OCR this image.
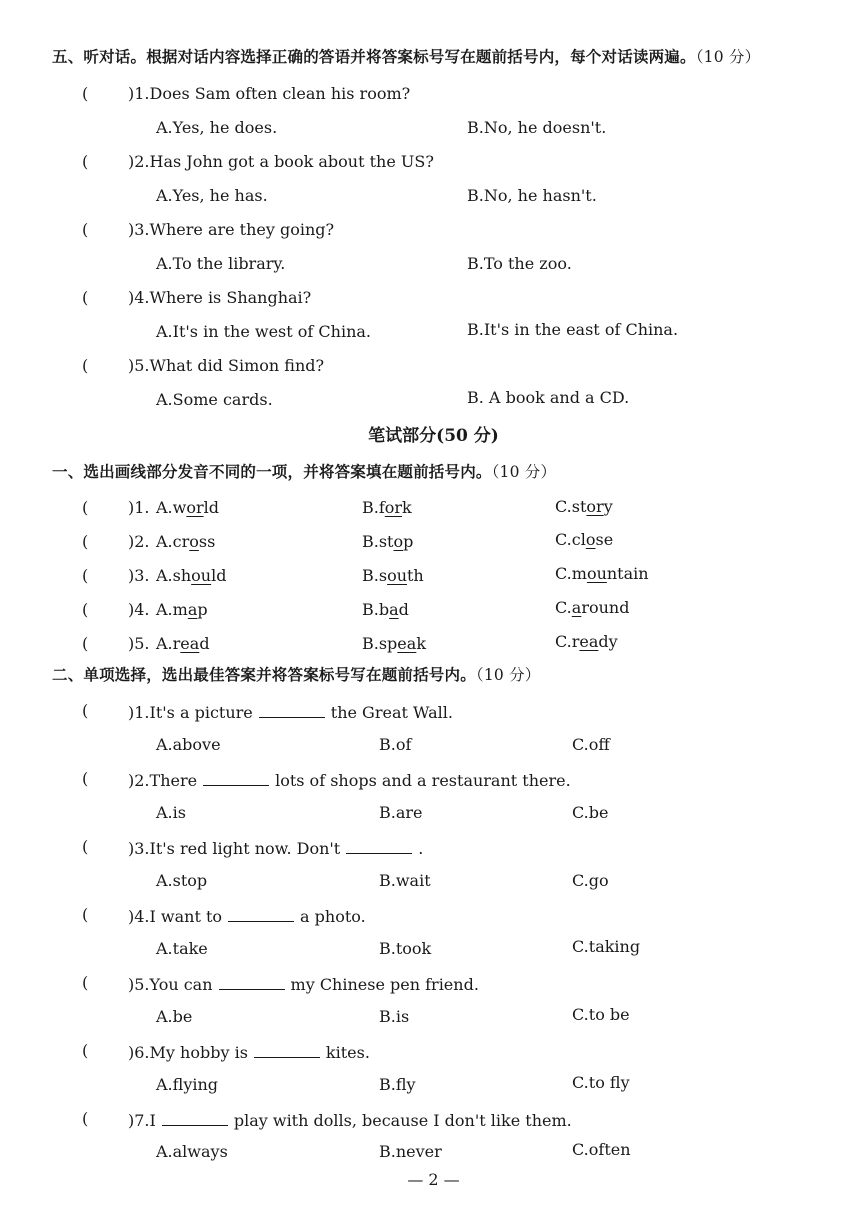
五、听对话。根据对话内容选择正确的答语并将答案标号写在题前括号内，每个对话读两遍。（10 分）
( )1.Does Sam often clean his room?
A.Yes, he does.	B.No, he doesn't.
( )2.Has John got a book about the US?
A.Yes, he has.	B.No, he hasn't.
( )3.Where are they going?
A.To the library.	B.To the zoo.
( )4.Where is Shanghai?
A.It's in the west of China.	B.It's in the east of China.
( )5.What did Simon find?
A.Some cards.	B. A book and a CD.
笔试部分(50 分)
一、选出画线部分发音不同的一项，并将答案填在题前括号内。（10 分）
( )1. A.world	B.fork	C.story
( )2. A.cross	B.stop	C.close
( )3. A.should	B.south	C.mountain
( )4. A.map	B.bad	C.around
( )5. A.read	B.speak	C.ready
二、单项选择，选出最佳答案并将答案标号写在题前括号内。（10 分）
( )1.It's a picture	the Great Wall.
A.above	B.of	C.off
( )2.There	lots of shops and a restaurant there.
A.is	B.are	C.be
( )3.It's red light now. Don't	.
A.stop	B.wait	C.go
( )4.I want to	a photo.
A.take	B.took	C.taking
( )5.You can	my Chinese pen friend.
A.be	B.is	C.to be
( )6.My hobby is	kites.
A.flying	B.fly	C.to fly
( )7.I	play with dolls, because I don't like them.
A.always	B.never	C.often
— 2 —
